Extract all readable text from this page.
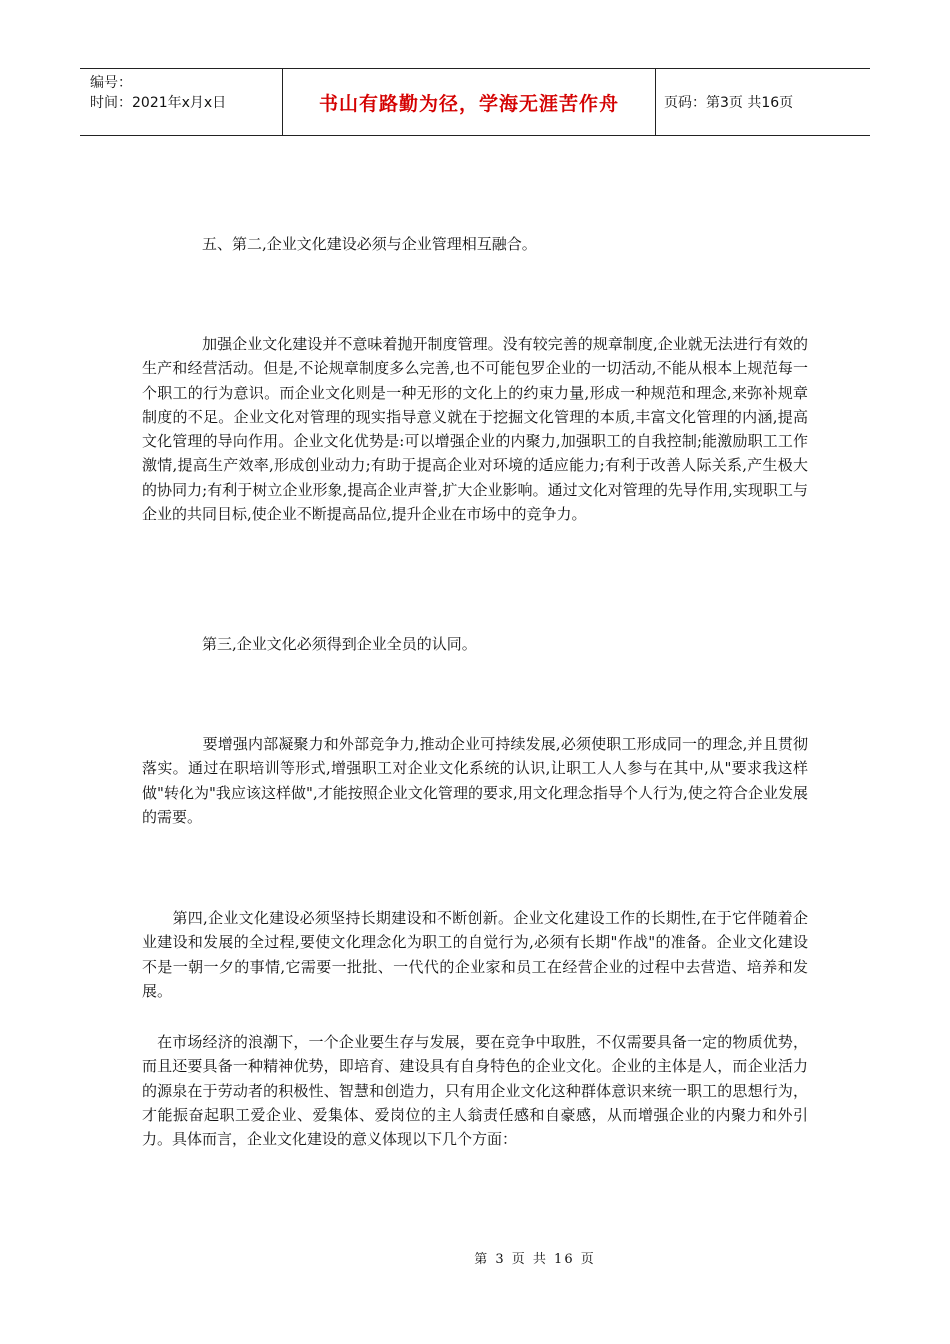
编号：
时间：2021年x月x日	书山有路勤为径，学海无涯苦作舟	页码：第3页 共16页

　　　　五、第二,企业文化建设必须与企业管理相互融合。

　　　　加强企业文化建设并不意味着抛开制度管理。没有较完善的规章制度,企业就无法进行有效的生产和经营活动。但是,不论规章制度多么完善,也不可能包罗企业的一切活动,不能从根本上规范每一个职工的行为意识。而企业文化则是一种无形的文化上的约束力量,形成一种规范和理念,来弥补规章制度的不足。企业文化对管理的现实指导意义就在于挖掘文化管理的本质,丰富文化管理的内涵,提高文化管理的导向作用。企业文化优势是:可以增强企业的内聚力,加强职工的自我控制;能激励职工工作激情,提高生产效率,形成创业动力;有助于提高企业对环境的适应能力;有利于改善人际关系,产生极大的协同力;有利于树立企业形象,提高企业声誉,扩大企业影响。通过文化对管理的先导作用,实现职工与企业的共同目标,使企业不断提高品位,提升企业在市场中的竞争力。

　　　　第三,企业文化必须得到企业全员的认同。

　　　　要增强内部凝聚力和外部竞争力,推动企业可持续发展,必须使职工形成同一的理念,并且贯彻落实。通过在职培训等形式,增强职工对企业文化系统的认识,让职工人人参与在其中,从"要求我这样做"转化为"我应该这样做",才能按照企业文化管理的要求,用文化理念指导个人行为,使之符合企业发展的需要。

　　第四,企业文化建设必须坚持长期建设和不断创新。企业文化建设工作的长期性,在于它伴随着企业建设和发展的全过程,要使文化理念化为职工的自觉行为,必须有长期"作战"的准备。企业文化建设不是一朝一夕的事情,它需要一批批、一代代的企业家和员工在经营企业的过程中去营造、培养和发展。

　在市场经济的浪潮下，一个企业要生存与发展，要在竞争中取胜，不仅需要具备一定的物质优势，而且还要具备一种精神优势，即培育、建设具有自身特色的企业文化。企业的主体是人，而企业活力的源泉在于劳动者的积极性、智慧和创造力，只有用企业文化这种群体意识来统一职工的思想行为，才能振奋起职工爱企业、爱集体、爱岗位的主人翁责任感和自豪感，从而增强企业的内聚力和外引力。具体而言，企业文化建设的意义体现以下几个方面：

第 3 页 共 16 页
